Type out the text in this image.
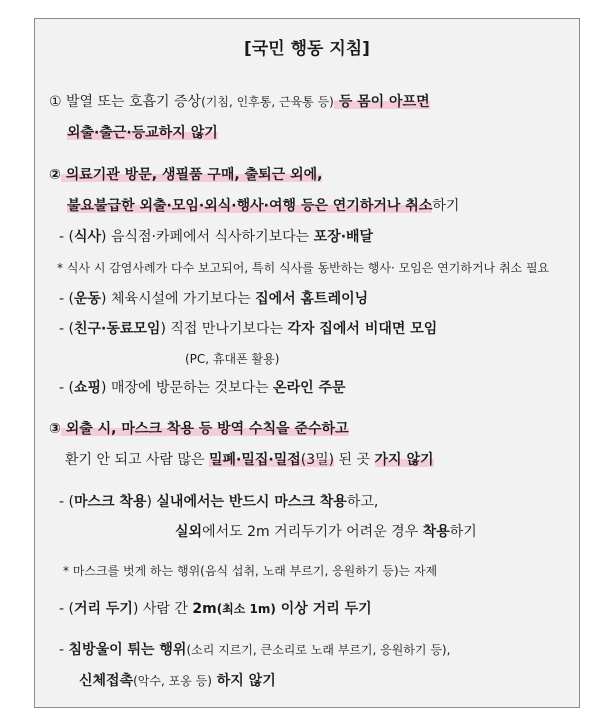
[국민 행동 지침]
① 발열 또는 호흡기 증상(기침, 인후통, 근육통 등) 등 몸이 아프면
외출·출근·등교하지 않기
② 의료기관 방문, 생필품 구매, 출퇴근 외에,
불요불급한 외출·모임·외식·행사·여행 등은 연기하거나 취소하기
- (식사) 음식점·카페에서 식사하기보다는 포장·배달
* 식사 시 감염사례가 다수 보고되어, 특히 식사를 동반하는 행사· 모임은 연기하거나 취소 필요
- (운동) 체육시설에 가기보다는 집에서 홈트레이닝
- (친구·동료모임) 직접 만나기보다는 각자 집에서 비대면 모임
(PC, 휴대폰 활용)
- (쇼핑) 매장에 방문하는 것보다는 온라인 주문
③ 외출 시, 마스크 착용 등 방역 수칙을 준수하고
환기 안 되고 사람 많은 밀폐·밀집·밀접(3밀) 된 곳 가지 않기
- (마스크 착용) 실내에서는 반드시 마스크 착용하고,
실외에서도 2m 거리두기가 어려운 경우 착용하기
* 마스크를 벗게 하는 행위(음식 섭취, 노래 부르기, 응원하기 등)는 자제
- (거리 두기) 사람 간 2m(최소 1m) 이상 거리 두기
- 침방울이 튀는 행위(소리 지르기, 큰소리로 노래 부르기, 응원하기 등),
신체접촉(악수, 포옹 등) 하지 않기
